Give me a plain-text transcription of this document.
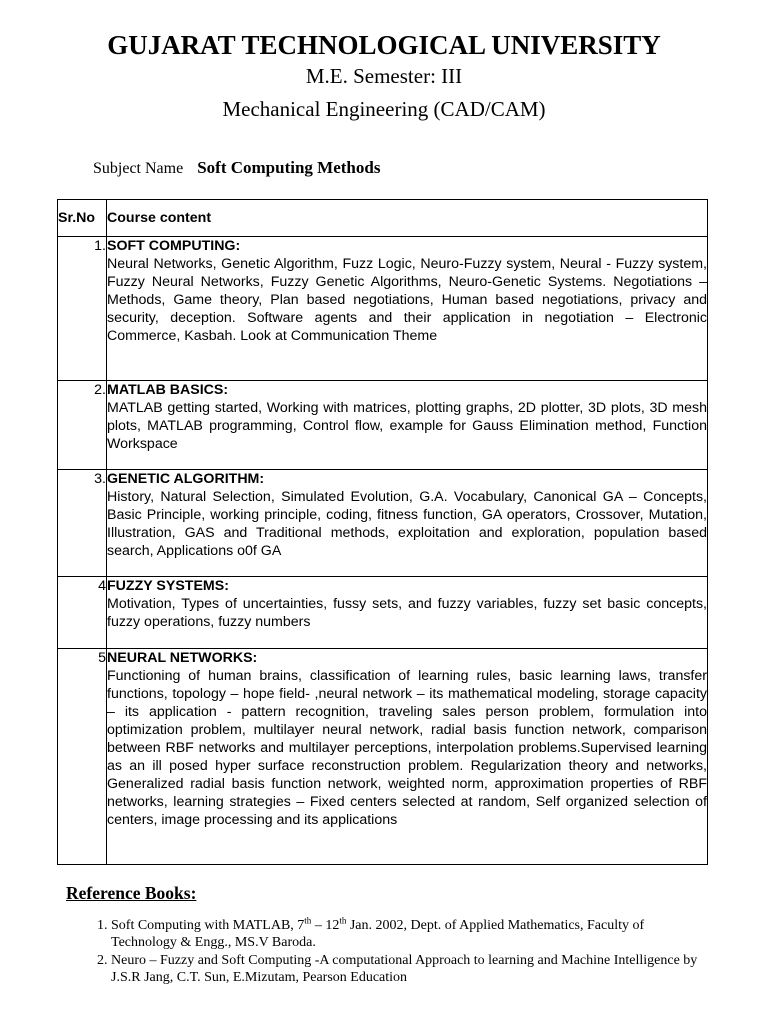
GUJARAT TECHNOLOGICAL UNIVERSITY
M.E. Semester: III
Mechanical Engineering (CAD/CAM)
Subject Name Soft Computing Methods
Sr.No	Course content
1.	SOFT COMPUTING:
Neural Networks, Genetic Algorithm, Fuzz Logic, Neuro-Fuzzy system, Neural - Fuzzy system, Fuzzy Neural Networks, Fuzzy Genetic Algorithms, Neuro-Genetic Systems. Negotiations – Methods, Game theory, Plan based negotiations, Human based negotiations, privacy and security, deception. Software agents and their application in negotiation – Electronic Commerce, Kasbah. Look at Communication Theme

2.	MATLAB BASICS:
MATLAB getting started, Working with matrices, plotting graphs, 2D plotter, 3D plots, 3D mesh plots, MATLAB programming, Control flow, example for Gauss Elimination method, Function Workspace

3.	GENETIC ALGORITHM:
History, Natural Selection, Simulated Evolution, G.A. Vocabulary, Canonical GA – Concepts, Basic Principle, working principle, coding, fitness function, GA operators, Crossover, Mutation, Illustration, GAS and Traditional methods, exploitation and exploration, population based search, Applications o0f GA

4	FUZZY SYSTEMS:
Motivation, Types of uncertainties, fussy sets, and fuzzy variables, fuzzy set basic concepts, fuzzy operations, fuzzy numbers

5	NEURAL NETWORKS:
Functioning of human brains, classification of learning rules, basic learning laws, transfer functions, topology – hope field- ,neural network – its mathematical modeling, storage capacity – its application - pattern recognition, traveling sales person problem, formulation into optimization problem, multilayer neural network, radial basis function network, comparison between RBF networks and multilayer perceptions, interpolation problems.Supervised learning as an ill posed hyper surface reconstruction problem. Regularization theory and networks, Generalized radial basis function network, weighted norm, approximation properties of RBF networks, learning strategies – Fixed centers selected at random, Self organized selection of centers, image processing and its applications
Reference Books:
1. Soft Computing with MATLAB, 7th – 12th Jan. 2002, Dept. of Applied Mathematics, Faculty of Technology & Engg., MS.V Baroda.
2. Neuro – Fuzzy and Soft Computing -A computational Approach to learning and Machine Intelligence by J.S.R Jang, C.T. Sun, E.Mizutam, Pearson Education
